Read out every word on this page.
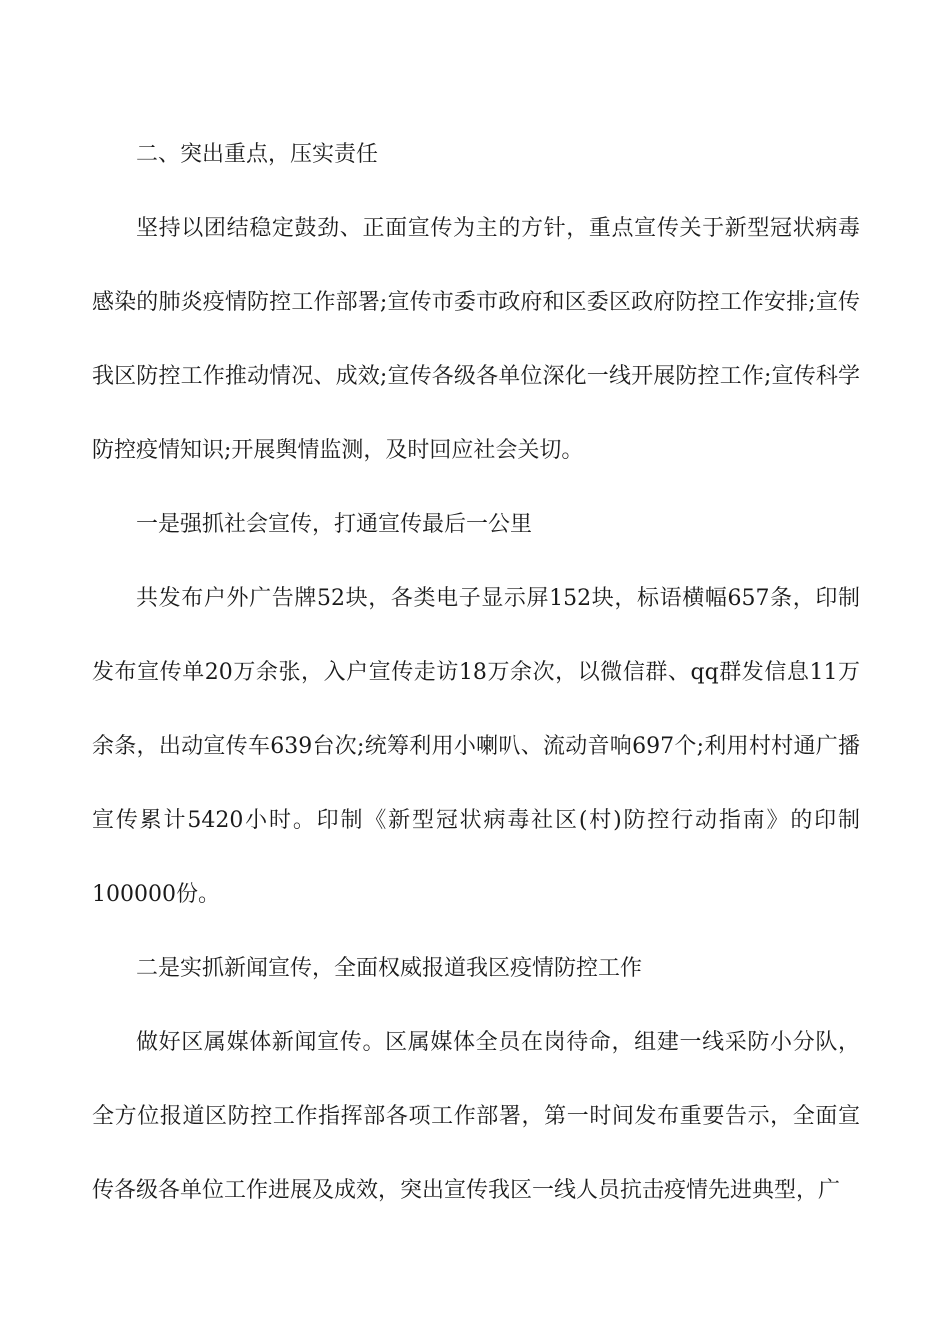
二、突出重点，压实责任

坚持以团结稳定鼓劲、正面宣传为主的方针，重点宣传关于新型冠状病毒感染的肺炎疫情防控工作部署;宣传市委市政府和区委区政府防控工作安排;宣传我区防控工作推动情况、成效;宣传各级各单位深化一线开展防控工作;宣传科学防控疫情知识;开展舆情监测，及时回应社会关切。

一是强抓社会宣传，打通宣传最后一公里

共发布户外广告牌52块，各类电子显示屏152块，标语横幅657条，印制发布宣传单20万余张，入户宣传走访18万余次，以微信群、qq群发信息11万余条，出动宣传车639台次;统筹利用小喇叭、流动音响697个;利用村村通广播宣传累计5420小时。印制《新型冠状病毒社区(村)防控行动指南》的印制100000份。

二是实抓新闻宣传，全面权威报道我区疫情防控工作

做好区属媒体新闻宣传。区属媒体全员在岗待命，组建一线采防小分队，全方位报道区防控工作指挥部各项工作部署，第一时间发布重要告示，全面宣传各级各单位工作进展及成效，突出宣传我区一线人员抗击疫情先进典型，广
